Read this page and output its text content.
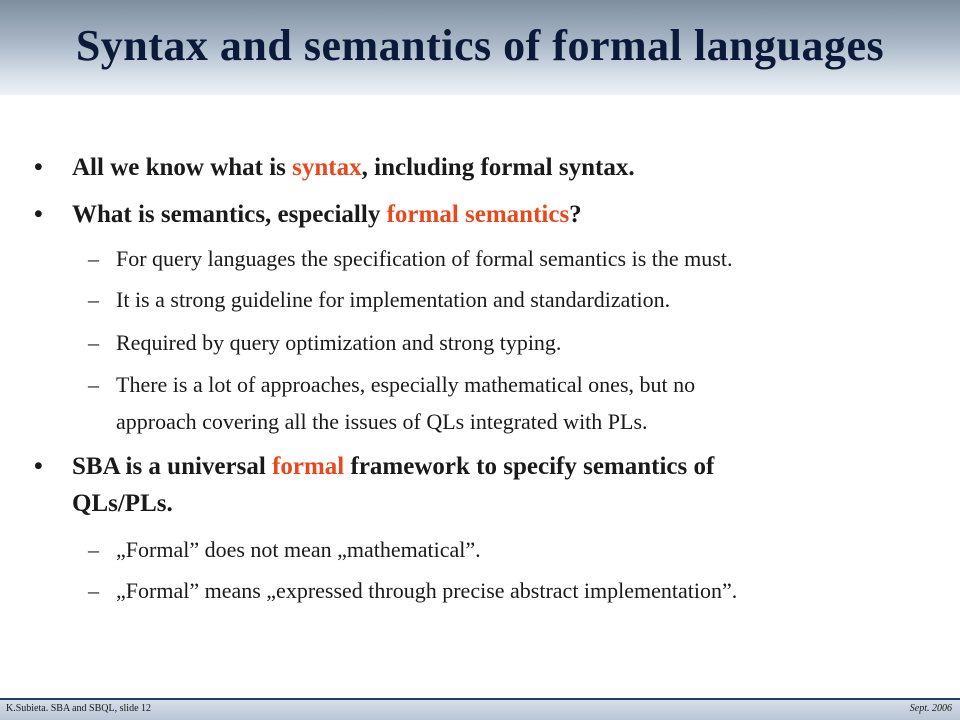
Syntax and semantics of formal languages
• All we know what is syntax, including formal syntax.
• What is semantics, especially formal semantics?
– For query languages the specification of formal semantics is the must.
– It is a strong guideline for implementation and standardization.
– Required by query optimization and strong typing.
– There is a lot of approaches, especially mathematical ones, but no
approach covering all the issues of QLs integrated with PLs.
• SBA is a universal formal framework to specify semantics of
QLs/PLs.
– „Formal” does not mean „mathematical”.
– „Formal” means „expressed through precise abstract implementation”.
K.Subieta. SBA and SBQL, slide 12	Sept. 2006
